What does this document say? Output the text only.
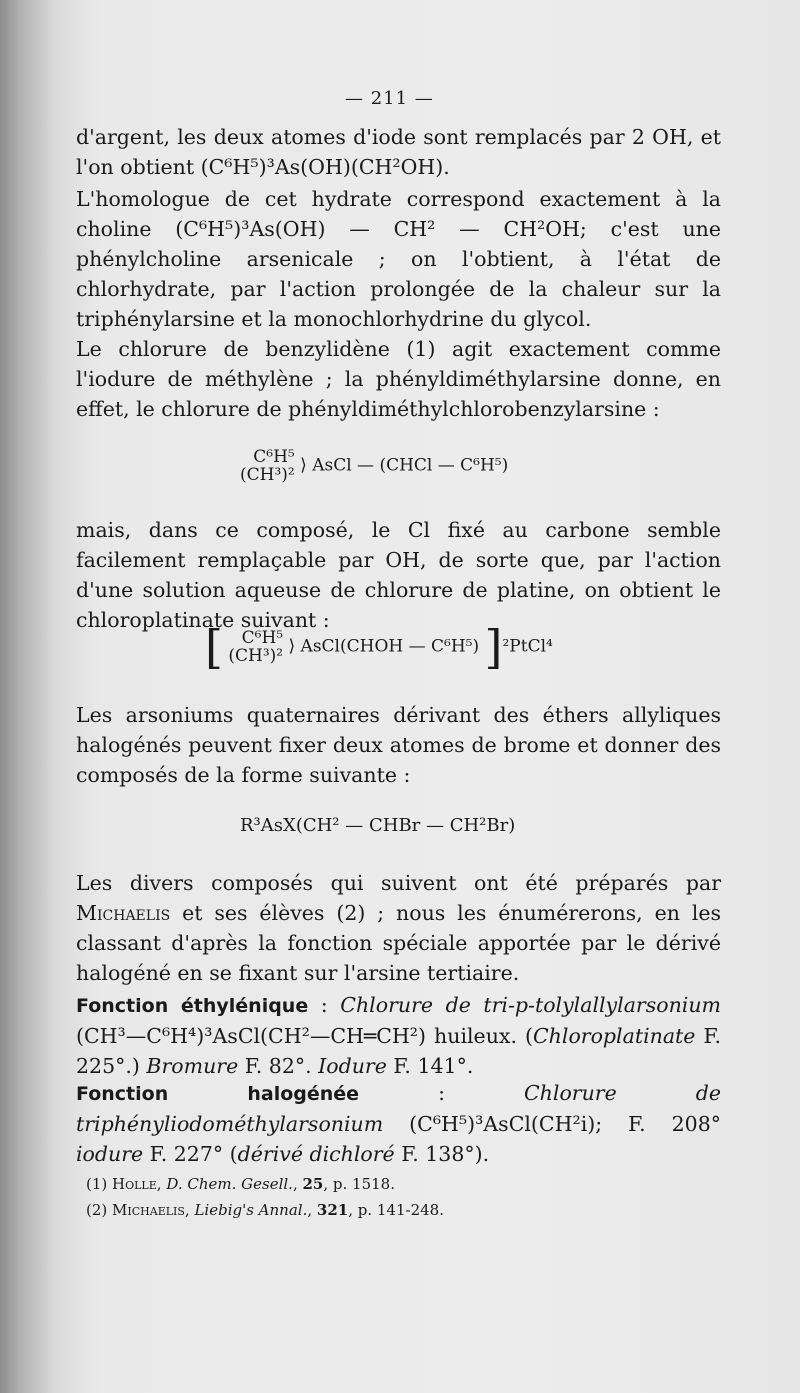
— 211 —
d'argent, les deux atomes d'iode sont remplacés par 2 OH, et l'on obtient (C⁶H⁵)³As(OH)(CH²OH).
L'homologue de cet hydrate correspond exactement à la choline (C⁶H⁵)³As(OH) — CH² — CH²OH; c'est une phénylcholine arsenicale ; on l'obtient, à l'état de chlorhydrate, par l'action prolongée de la chaleur sur la triphénylarsine et la monochlorhydrine du glycol.
Le chlorure de benzylidène (1) agit exactement comme l'iodure de méthylène ; la phényldiméthylarsine donne, en effet, le chlorure de phényldiméthylchlorobenzylarsine :
C⁶H⁵
(CH³)² ⟩ AsCl — (CHCl — C⁶H⁵)
mais, dans ce composé, le Cl fixé au carbone semble facilement remplaçable par OH, de sorte que, par l'action d'une solution aqueuse de chlorure de platine, on obtient le chloroplatinate suivant :
[ C⁶H⁵
(CH³)² ⟩ AsCl(CHOH — C⁶H⁵) ]²PtCl⁴
Les arsoniums quaternaires dérivant des éthers allyliques halogénés peuvent fixer deux atomes de brome et donner des composés de la forme suivante :
R³AsX(CH² — CHBr — CH²Br)
Les divers composés qui suivent ont été préparés par Michaelis et ses élèves (2) ; nous les énumérerons, en les classant d'après la fonction spéciale apportée par le dérivé halogéné en se fixant sur l'arsine tertiaire.
Fonction éthylénique : Chlorure de tri-p-tolylallylarsonium (CH³—C⁶H⁴)³AsCl(CH²—CH═CH²) huileux. (Chloroplatinate F. 225°.) Bromure F. 82°. Iodure F. 141°.
Fonction halogénée : Chlorure de triphényliodométhylarsonium (C⁶H⁵)³AsCl(CH²i); F. 208° iodure F. 227° (dérivé dichloré F. 138°).
(1) Holle, D. Chem. Gesell., 25, p. 1518.
(2) Michaelis, Liebig's Annal., 321, p. 141-248.
